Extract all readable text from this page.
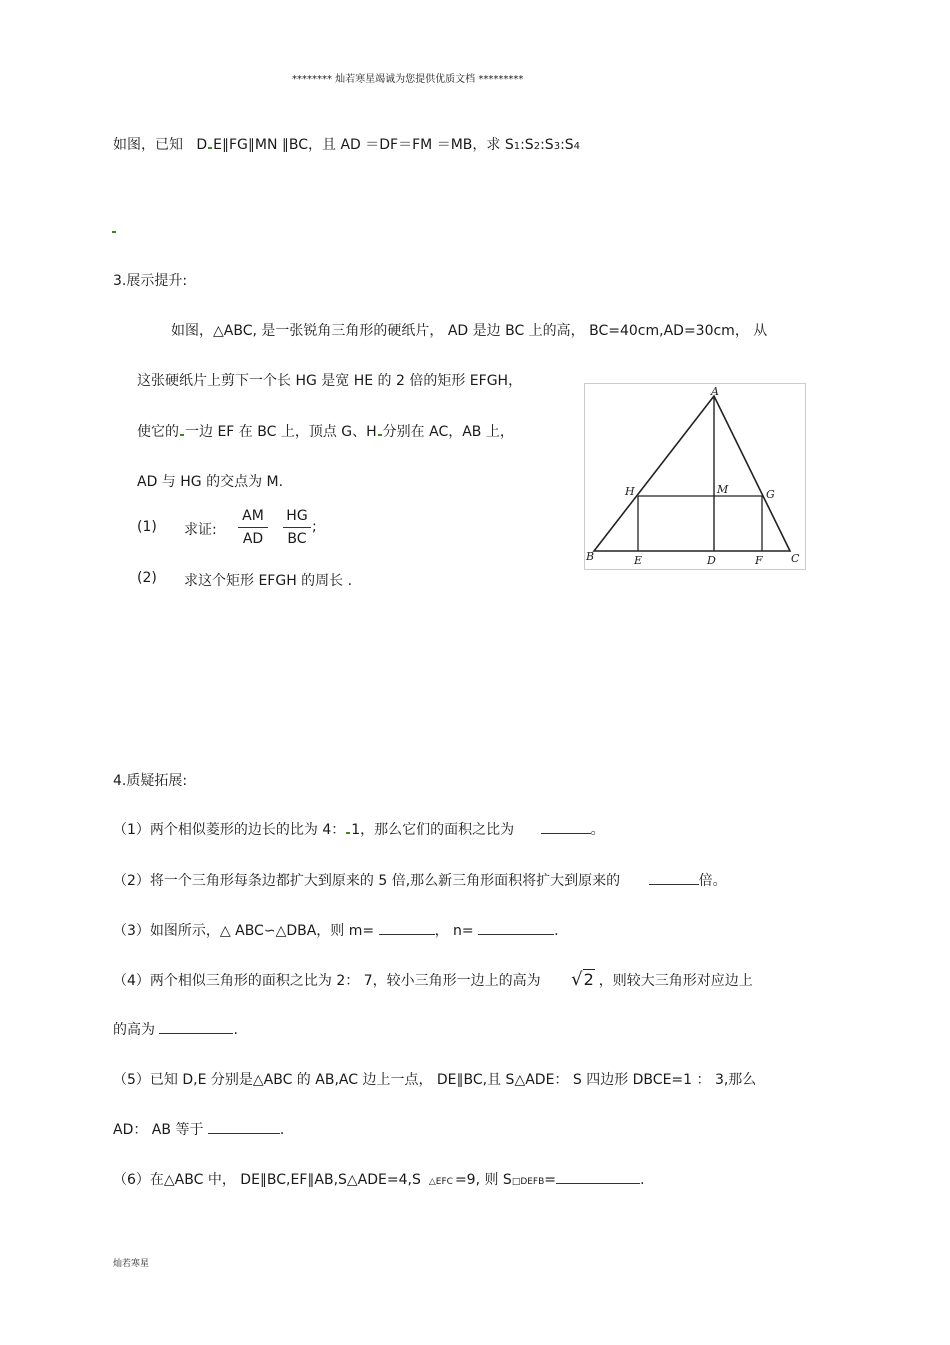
******** 灿若寒星竭诚为您提供优质文档 *********
如图，已知 D E∥FG∥MN ∥BC，且 AD ＝DF＝FM ＝MB，求 S1:S2:S3:S4
3.展示提升:
如图，△ABC, 是一张锐角三角形的硬纸片， AD 是边 BC 上的高， BC=40cm,AD=30cm， 从
这张硬纸片上剪下一个长 HG 是宽 HE 的 2 倍的矩形 EFGH，
使它的 一边 EF 在 BC 上，顶点 G、H 分别在 AC，AB 上，
AD 与 HG 的交点为 M.
(1) 求证:
AM
AD
HG
BC
;
(2) 求这个矩形 EFGH 的周长 .
A
H	M	G
B	E	D	F	C
4.质疑拓展:
（1）两个相似菱形的边长的比为 4： 1，那么它们的面积之比为	。
（2）将一个三角形每条边都扩大到原来的 5 倍,那么新三角形面积将扩大到原来的	倍。
（3）如图所示，△ ABC∽△DBA，则 m=	， n=	.
（4）两个相似三角形的面积之比为 2： 7，较小三角形一边上的高为 √2 ，则较大三角形对应边上
的高为	.
（5）已知 D,E 分别是△ABC 的 AB,AC 边上一点， DE∥BC,且 S△ADE： S 四边形 DBCE=1 ： 3,那么
AD： AB 等于	.
（6）在△ABC 中， DE∥BC,EF∥AB,S△ADE=4,S △EFC =9, 则 S□DEFB=	.
灿若寒星
